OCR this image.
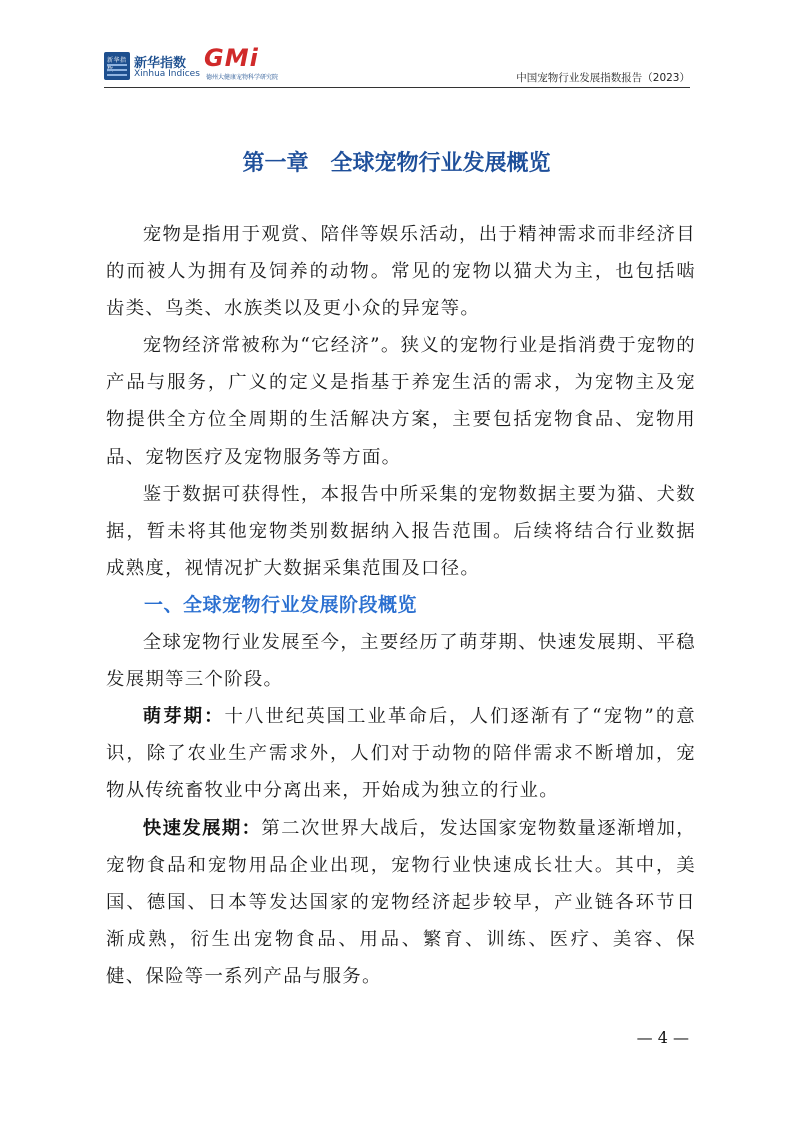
新华指 新华指数
Xinhua Indices
GMi
德州大健康宠物科学研究院	中国宠物行业发展指数报告（2023）
第一章　全球宠物行业发展概览

宠物是指用于观赏、陪伴等娱乐活动，出于精神需求而非经济目的而被人为拥有及饲养的动物。常见的宠物以猫犬为主，也包括啮齿类、鸟类、水族类以及更小众的异宠等。

宠物经济常被称为“它经济”。狭义的宠物行业是指消费于宠物的产品与服务，广义的定义是指基于养宠生活的需求，为宠物主及宠物提供全方位全周期的生活解决方案，主要包括宠物食品、宠物用品、宠物医疗及宠物服务等方面。

鉴于数据可获得性，本报告中所采集的宠物数据主要为猫、犬数据，暂未将其他宠物类别数据纳入报告范围。后续将结合行业数据成熟度，视情况扩大数据采集范围及口径。

一、全球宠物行业发展阶段概览

全球宠物行业发展至今，主要经历了萌芽期、快速发展期、平稳发展期等三个阶段。

萌芽期：十八世纪英国工业革命后，人们逐渐有了“宠物”的意识，除了农业生产需求外，人们对于动物的陪伴需求不断增加，宠物从传统畜牧业中分离出来，开始成为独立的行业。

快速发展期：第二次世界大战后，发达国家宠物数量逐渐增加，宠物食品和宠物用品企业出现，宠物行业快速成长壮大。其中，美国、德国、日本等发达国家的宠物经济起步较早，产业链各环节日渐成熟，衍生出宠物食品、用品、繁育、训练、医疗、美容、保健、保险等一系列产品与服务。

— 4 —
